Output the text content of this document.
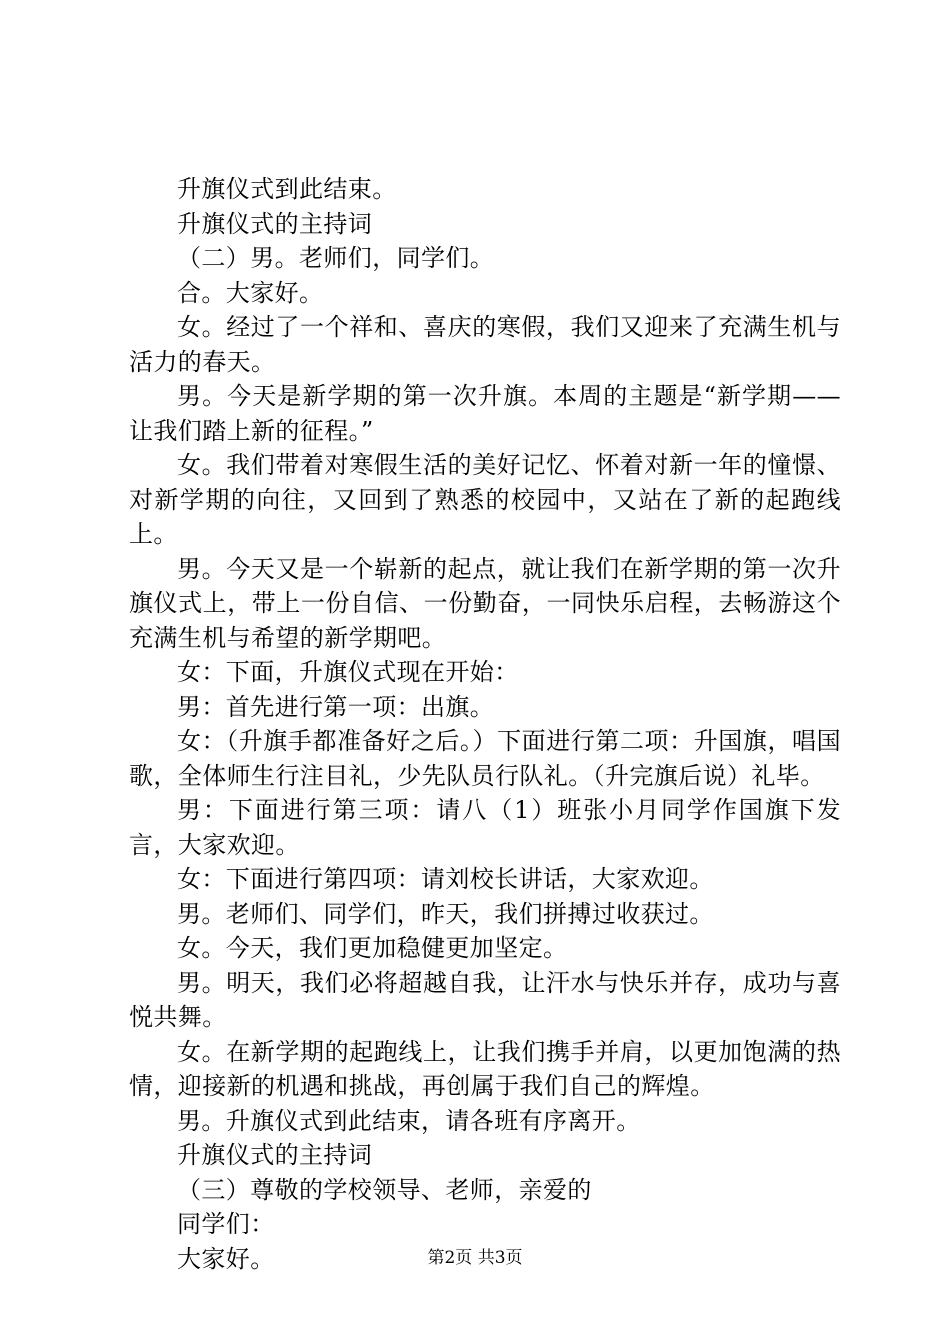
升旗仪式到此结束。

升旗仪式的主持词

（二）男。老师们，同学们。

合。大家好。

女。经过了一个祥和、喜庆的寒假，我们又迎来了充满生机与活力的春天。

男。今天是新学期的第一次升旗。本周的主题是“新学期——让我们踏上新的征程。”

女。我们带着对寒假生活的美好记忆、怀着对新一年的憧憬、对新学期的向往，又回到了熟悉的校园中，又站在了新的起跑线上。

男。今天又是一个崭新的起点，就让我们在新学期的第一次升旗仪式上，带上一份自信、一份勤奋，一同快乐启程，去畅游这个充满生机与希望的新学期吧。

女：下面，升旗仪式现在开始：

男：首先进行第一项：出旗。

女：（升旗手都准备好之后。）下面进行第二项：升国旗，唱国歌，全体师生行注目礼，少先队员行队礼。（升完旗后说）礼毕。

男：下面进行第三项：请八（1）班张小月同学作国旗下发言，大家欢迎。

女：下面进行第四项：请刘校长讲话，大家欢迎。

男。老师们、同学们，昨天，我们拼搏过收获过。

女。今天，我们更加稳健更加坚定。

男。明天，我们必将超越自我，让汗水与快乐并存，成功与喜悦共舞。

女。在新学期的起跑线上，让我们携手并肩，以更加饱满的热情，迎接新的机遇和挑战，再创属于我们自己的辉煌。

男。升旗仪式到此结束，请各班有序离开。

升旗仪式的主持词

（三）尊敬的学校领导、老师，亲爱的

同学们：

大家好。	第2页 共3页
